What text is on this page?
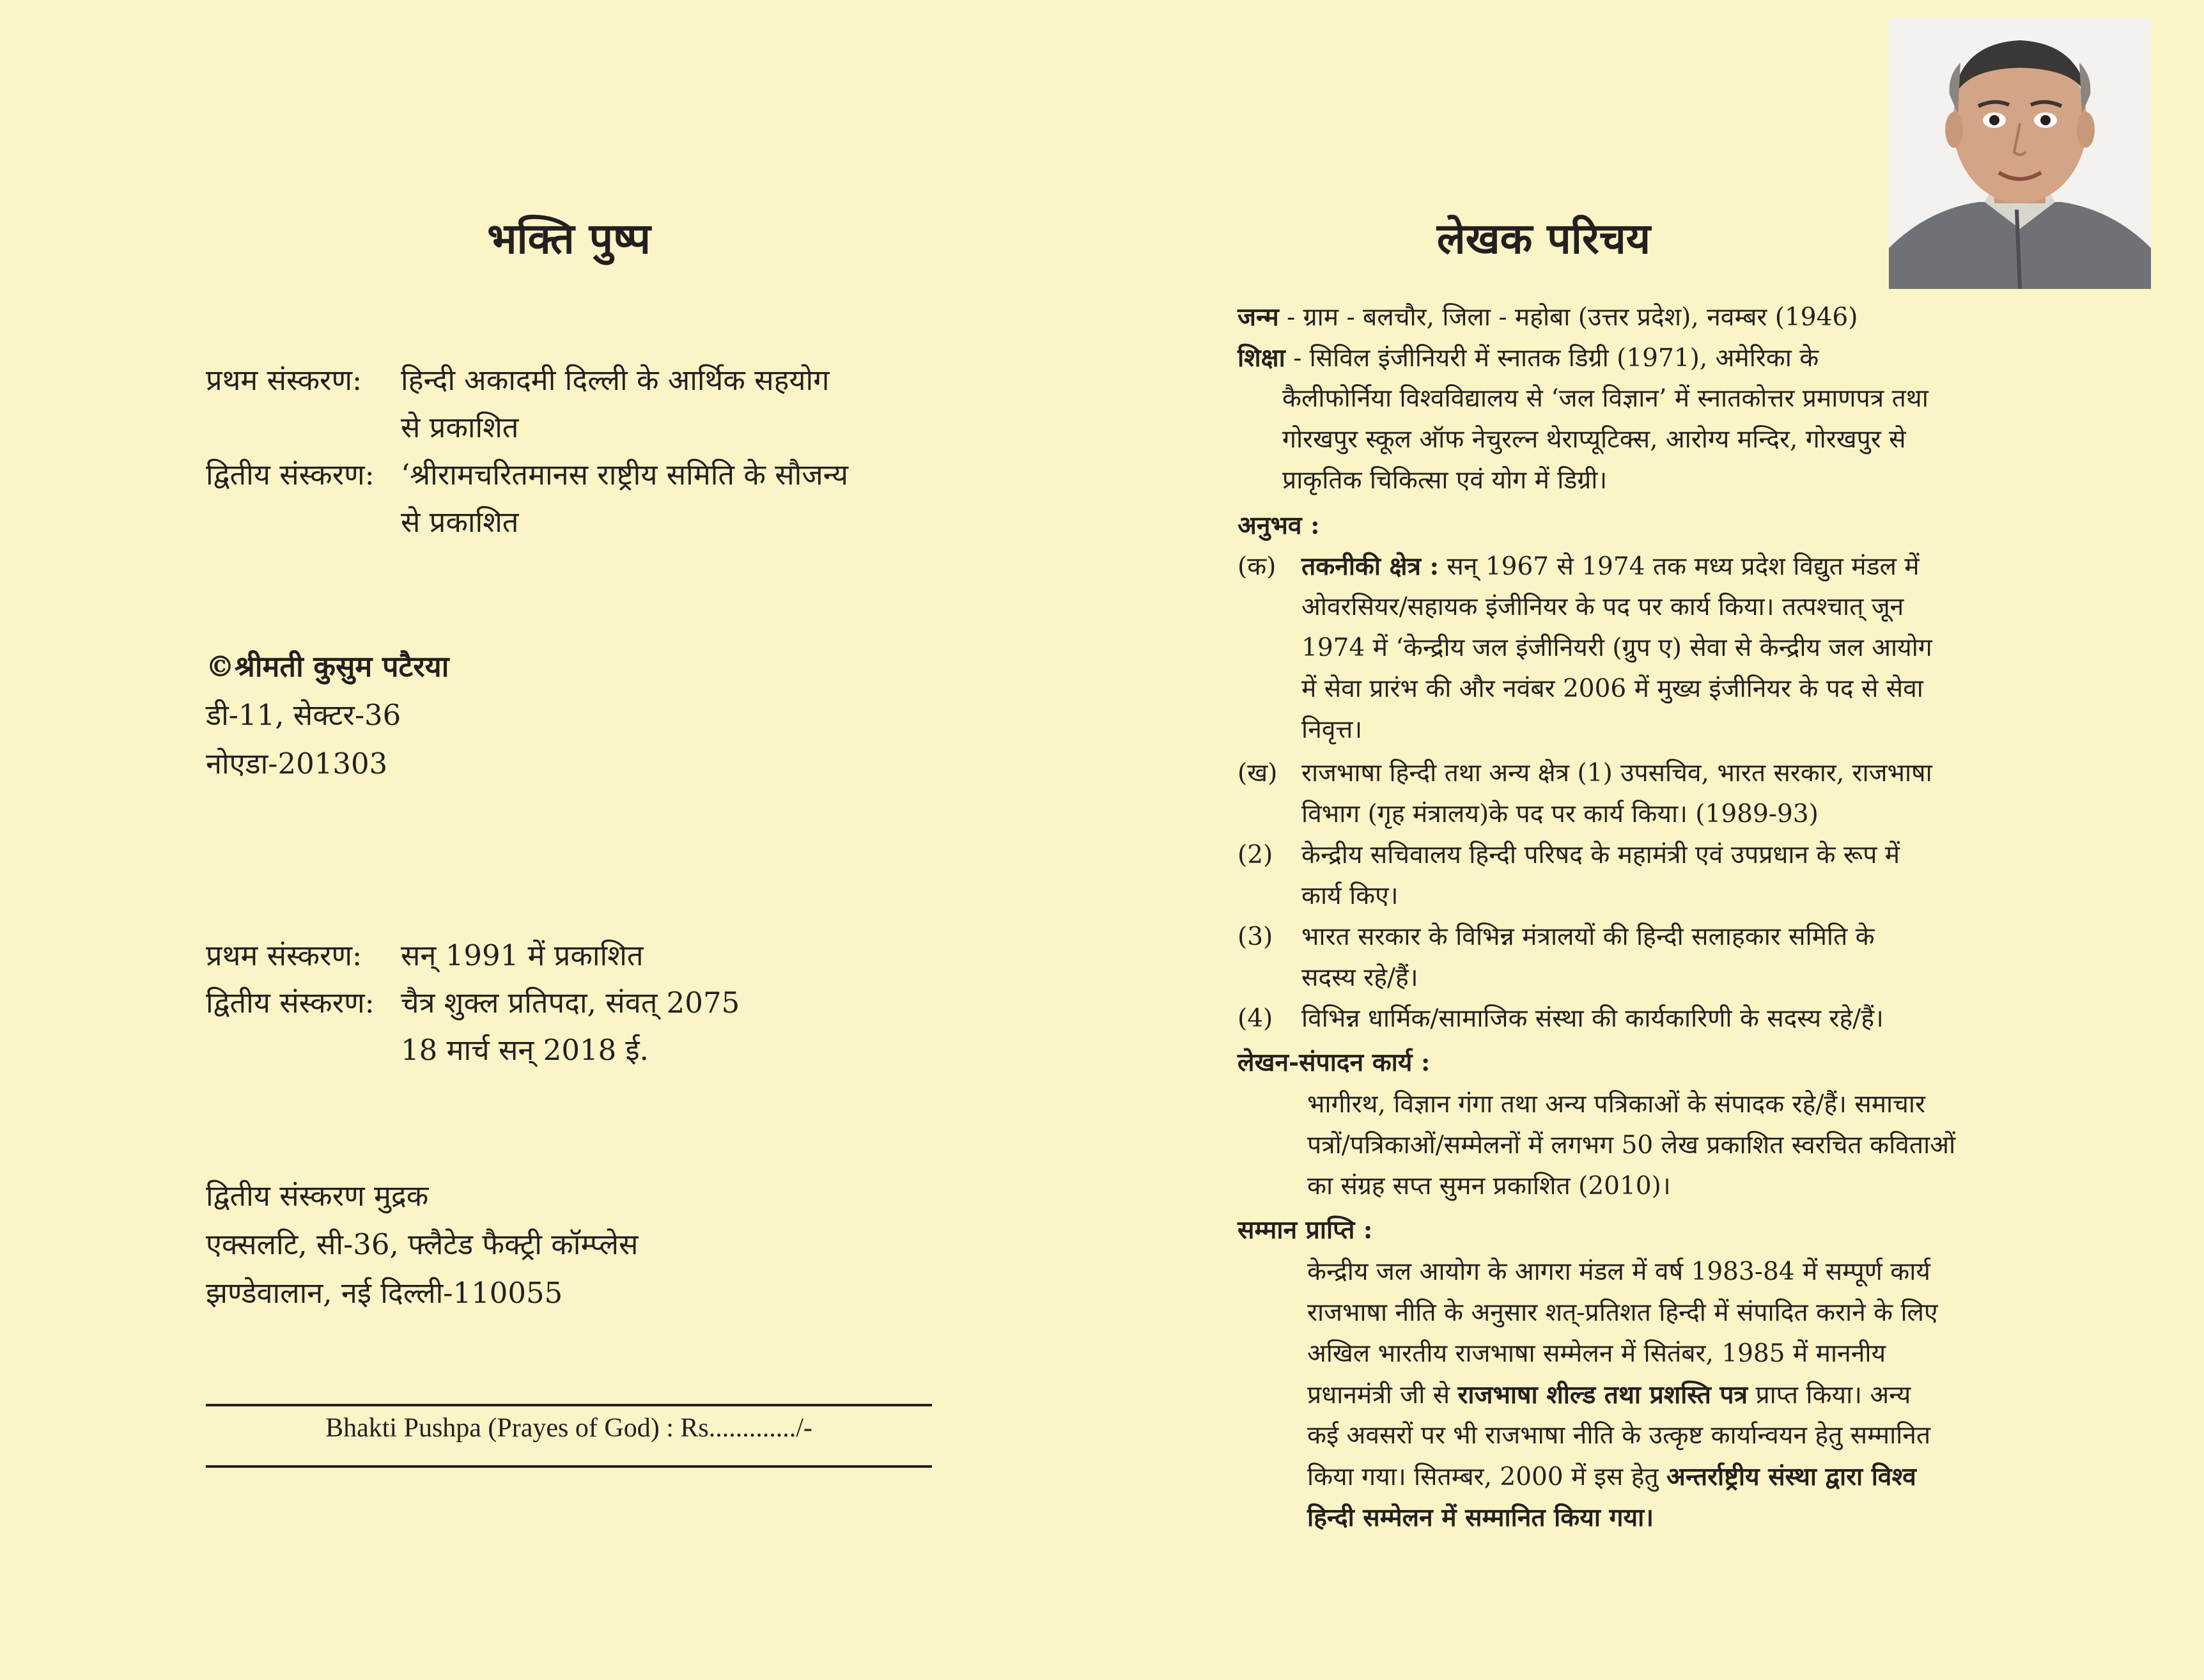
भक्ति पुष्प
प्रथम संस्करण: हिन्दी अकादमी दिल्ली के आर्थिक सहयोग
से प्रकाशित
द्वितीय संस्करण: ‘श्रीरामचरितमानस राष्ट्रीय समिति के सौजन्य
से प्रकाशित
©श्रीमती कुसुम पटैरया
डी-11, सेक्टर-36
नोएडा-201303
प्रथम संस्करण: सन् 1991 में प्रकाशित
द्वितीय संस्करण: चैत्र शुक्ल प्रतिपदा, संवत् 2075
18 मार्च सन् 2018 ई.
द्वितीय संस्करण मुद्रक
एक्सलटि, सी-36, फ्लैटेड फैक्ट्री कॉम्प्लेस
झण्डेवालान, नई दिल्ली-110055
Bhakti Pushpa (Prayes of God) : Rs............./-
लेखक परिचय
जन्म - ग्राम - बलचौर, जिला - महोबा (उत्तर प्रदेश), नवम्बर (1946)
शिक्षा - सिविल इंजीनियरी में स्नातक डिग्री (1971), अमेरिका के
कैलीफोर्निया विश्वविद्यालय से ‘जल विज्ञान’ में स्नातकोत्तर प्रमाणपत्र तथा
गोरखपुर स्कूल ऑफ नेचुरल्न थेराप्यूटिक्स, आरोग्य मन्दिर, गोरखपुर से
प्राकृतिक चिकित्सा एवं योग में डिग्री।
अनुभव :
(क) तकनीकी क्षेत्र : सन् 1967 से 1974 तक मध्य प्रदेश विद्युत मंडल में
ओवरसियर/सहायक इंजीनियर के पद पर कार्य किया। तत्पश्चात् जून
1974 में ‘केन्द्रीय जल इंजीनियरी (ग्रुप ए) सेवा से केन्द्रीय जल आयोग
में सेवा प्रारंभ की और नवंबर 2006 में मुख्य इंजीनियर के पद से सेवा
निवृत्त।
(ख) राजभाषा हिन्दी तथा अन्य क्षेत्र (1) उपसचिव, भारत सरकार, राजभाषा
विभाग (गृह मंत्रालय)के पद पर कार्य किया। (1989-93)
(2) केन्द्रीय सचिवालय हिन्दी परिषद के महामंत्री एवं उपप्रधान के रूप में
कार्य किए।
(3) भारत सरकार के विभिन्न मंत्रालयों की हिन्दी सलाहकार समिति के
सदस्य रहे/हैं।
(4) विभिन्न धार्मिक/सामाजिक संस्था की कार्यकारिणी के सदस्य रहे/हैं।
लेखन-संपादन कार्य :
भागीरथ, विज्ञान गंगा तथा अन्य पत्रिकाओं के संपादक रहे/हैं। समाचार
पत्रों/पत्रिकाओं/सम्मेलनों में लगभग 50 लेख प्रकाशित स्वरचित कविताओं
का संग्रह सप्त सुमन प्रकाशित (2010)।
सम्मान प्राप्ति :
केन्द्रीय जल आयोग के आगरा मंडल में वर्ष 1983-84 में सम्पूर्ण कार्य
राजभाषा नीति के अनुसार शत्-प्रतिशत हिन्दी में संपादित कराने के लिए
अखिल भारतीय राजभाषा सम्मेलन में सितंबर, 1985 में माननीय
प्रधानमंत्री जी से राजभाषा शील्ड तथा प्रशस्ति पत्र प्राप्त किया। अन्य
कई अवसरों पर भी राजभाषा नीति के उत्कृष्ट कार्यान्वयन हेतु सम्मानित
किया गया। सितम्बर, 2000 में इस हेतु अन्तर्राष्ट्रीय संस्था द्वारा विश्व
हिन्दी सम्मेलन में सम्मानित किया गया।
